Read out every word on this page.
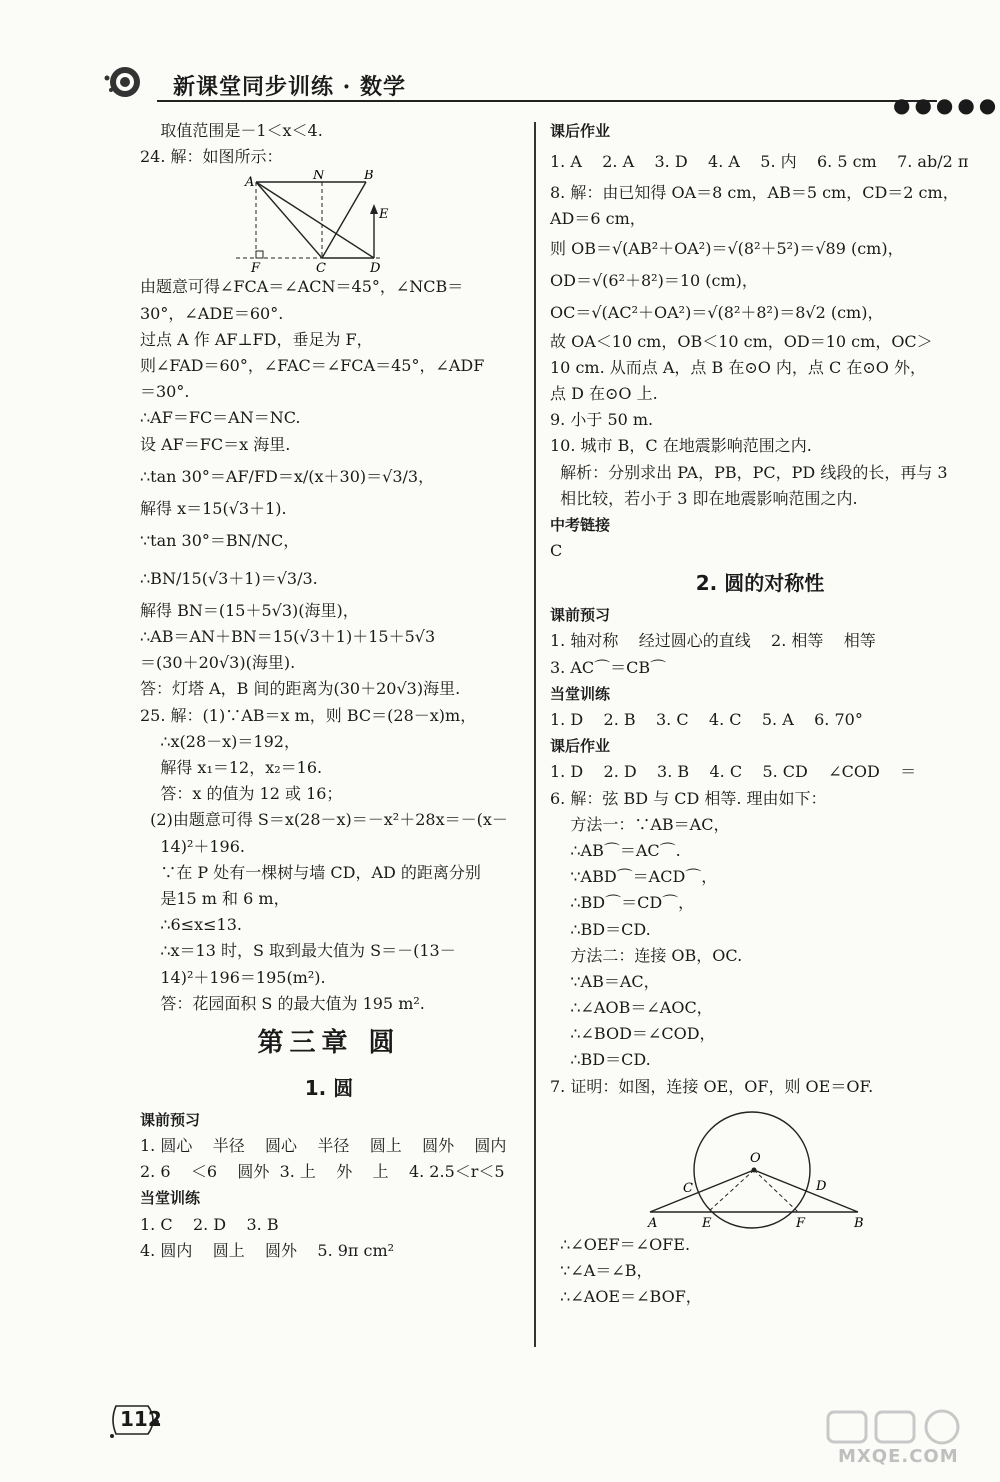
新课堂同步训练 · 数学
●●●●●
取值范围是－1＜x＜4.
24. 解：如图所示：
A	N	B
E
F	C	D
由题意可得∠FCA＝∠ACN＝45°，∠NCB＝
30°，∠ADE＝60°.
过点 A 作 AF⊥FD，垂足为 F，
则∠FAD＝60°，∠FAC＝∠FCA＝45°，∠ADF
＝30°.
∴AF＝FC＝AN＝NC.
设 AF＝FC＝x 海里.
∴tan 30°＝AF/FD＝x/(x＋30)＝√3/3，
解得 x＝15(√3＋1).
∵tan 30°＝BN/NC，
∴BN/15(√3＋1)＝√3/3.
解得 BN＝(15＋5√3)(海里)，
∴AB＝AN＋BN＝15(√3＋1)＋15＋5√3
＝(30＋20√3)(海里).
答：灯塔 A，B 间的距离为(30＋20√3)海里.
25. 解：(1)∵AB＝x m，则 BC＝(28－x)m，
∴x(28－x)＝192，
解得 x₁＝12，x₂＝16.
答：x 的值为 12 或 16；
(2)由题意可得 S＝x(28－x)＝－x²＋28x＝－(x－
14)²＋196.
∵在 P 处有一棵树与墙 CD，AD 的距离分别
是15 m 和 6 m，
∴6≤x≤13.
∴x＝13 时，S 取到最大值为 S＝－(13－
14)²＋196＝195(m²).
答：花园面积 S 的最大值为 195 m².
第三章 圆
1. 圆
课前预习
1. 圆心    半径    圆心    半径    圆上    圆外    圆内
2. 6    ＜6    圆外  3. 上    外    上    4. 2.5＜r＜5
当堂训练
1. C    2. D    3. B
4. 圆内    圆上    圆外    5. 9π cm²
课后作业
1. A    2. A    3. D    4. A    5. 内    6. 5 cm    7. ab/2 π
8. 解：由已知得 OA＝8 cm，AB＝5 cm，CD＝2 cm，
AD＝6 cm，
则 OB＝√(AB²＋OA²)＝√(8²＋5²)＝√89 (cm)，
OD＝√(6²＋8²)＝10 (cm)，
OC＝√(AC²＋OA²)＝√(8²＋8²)＝8√2 (cm)，
故 OA＜10 cm，OB＜10 cm，OD＝10 cm，OC＞
10 cm. 从而点 A，点 B 在⊙O 内，点 C 在⊙O 外，
点 D 在⊙O 上.
9. 小于 50 m.
10. 城市 B，C 在地震影响范围之内.
解析：分别求出 PA，PB，PC，PD 线段的长，再与 3
相比较，若小于 3 即在地震影响范围之内.
中考链接
C
2. 圆的对称性
课前预习
1. 轴对称    经过圆心的直线    2. 相等    相等
3. AC⌒＝CB⌒
当堂训练
1. D    2. B    3. C    4. C    5. A    6. 70°
课后作业
1. D    2. D    3. B    4. C    5. CD    ∠COD    ＝
6. 解：弦 BD 与 CD 相等. 理由如下：
方法一：∵AB＝AC，
∴AB⌒＝AC⌒.
∵ABD⌒＝ACD⌒，
∴BD⌒＝CD⌒，
∴BD＝CD.
方法二：连接 OB，OC.
∵AB＝AC，
∴∠AOB＝∠AOC，
∴∠BOD＝∠COD，
∴BD＝CD.
7. 证明：如图，连接 OE，OF，则 OE＝OF.
O
C	D
A	E	F	B
∴∠OEF＝∠OFE.
∵∠A＝∠B，
∴∠AOE＝∠BOF，
112
MXQE.COM
